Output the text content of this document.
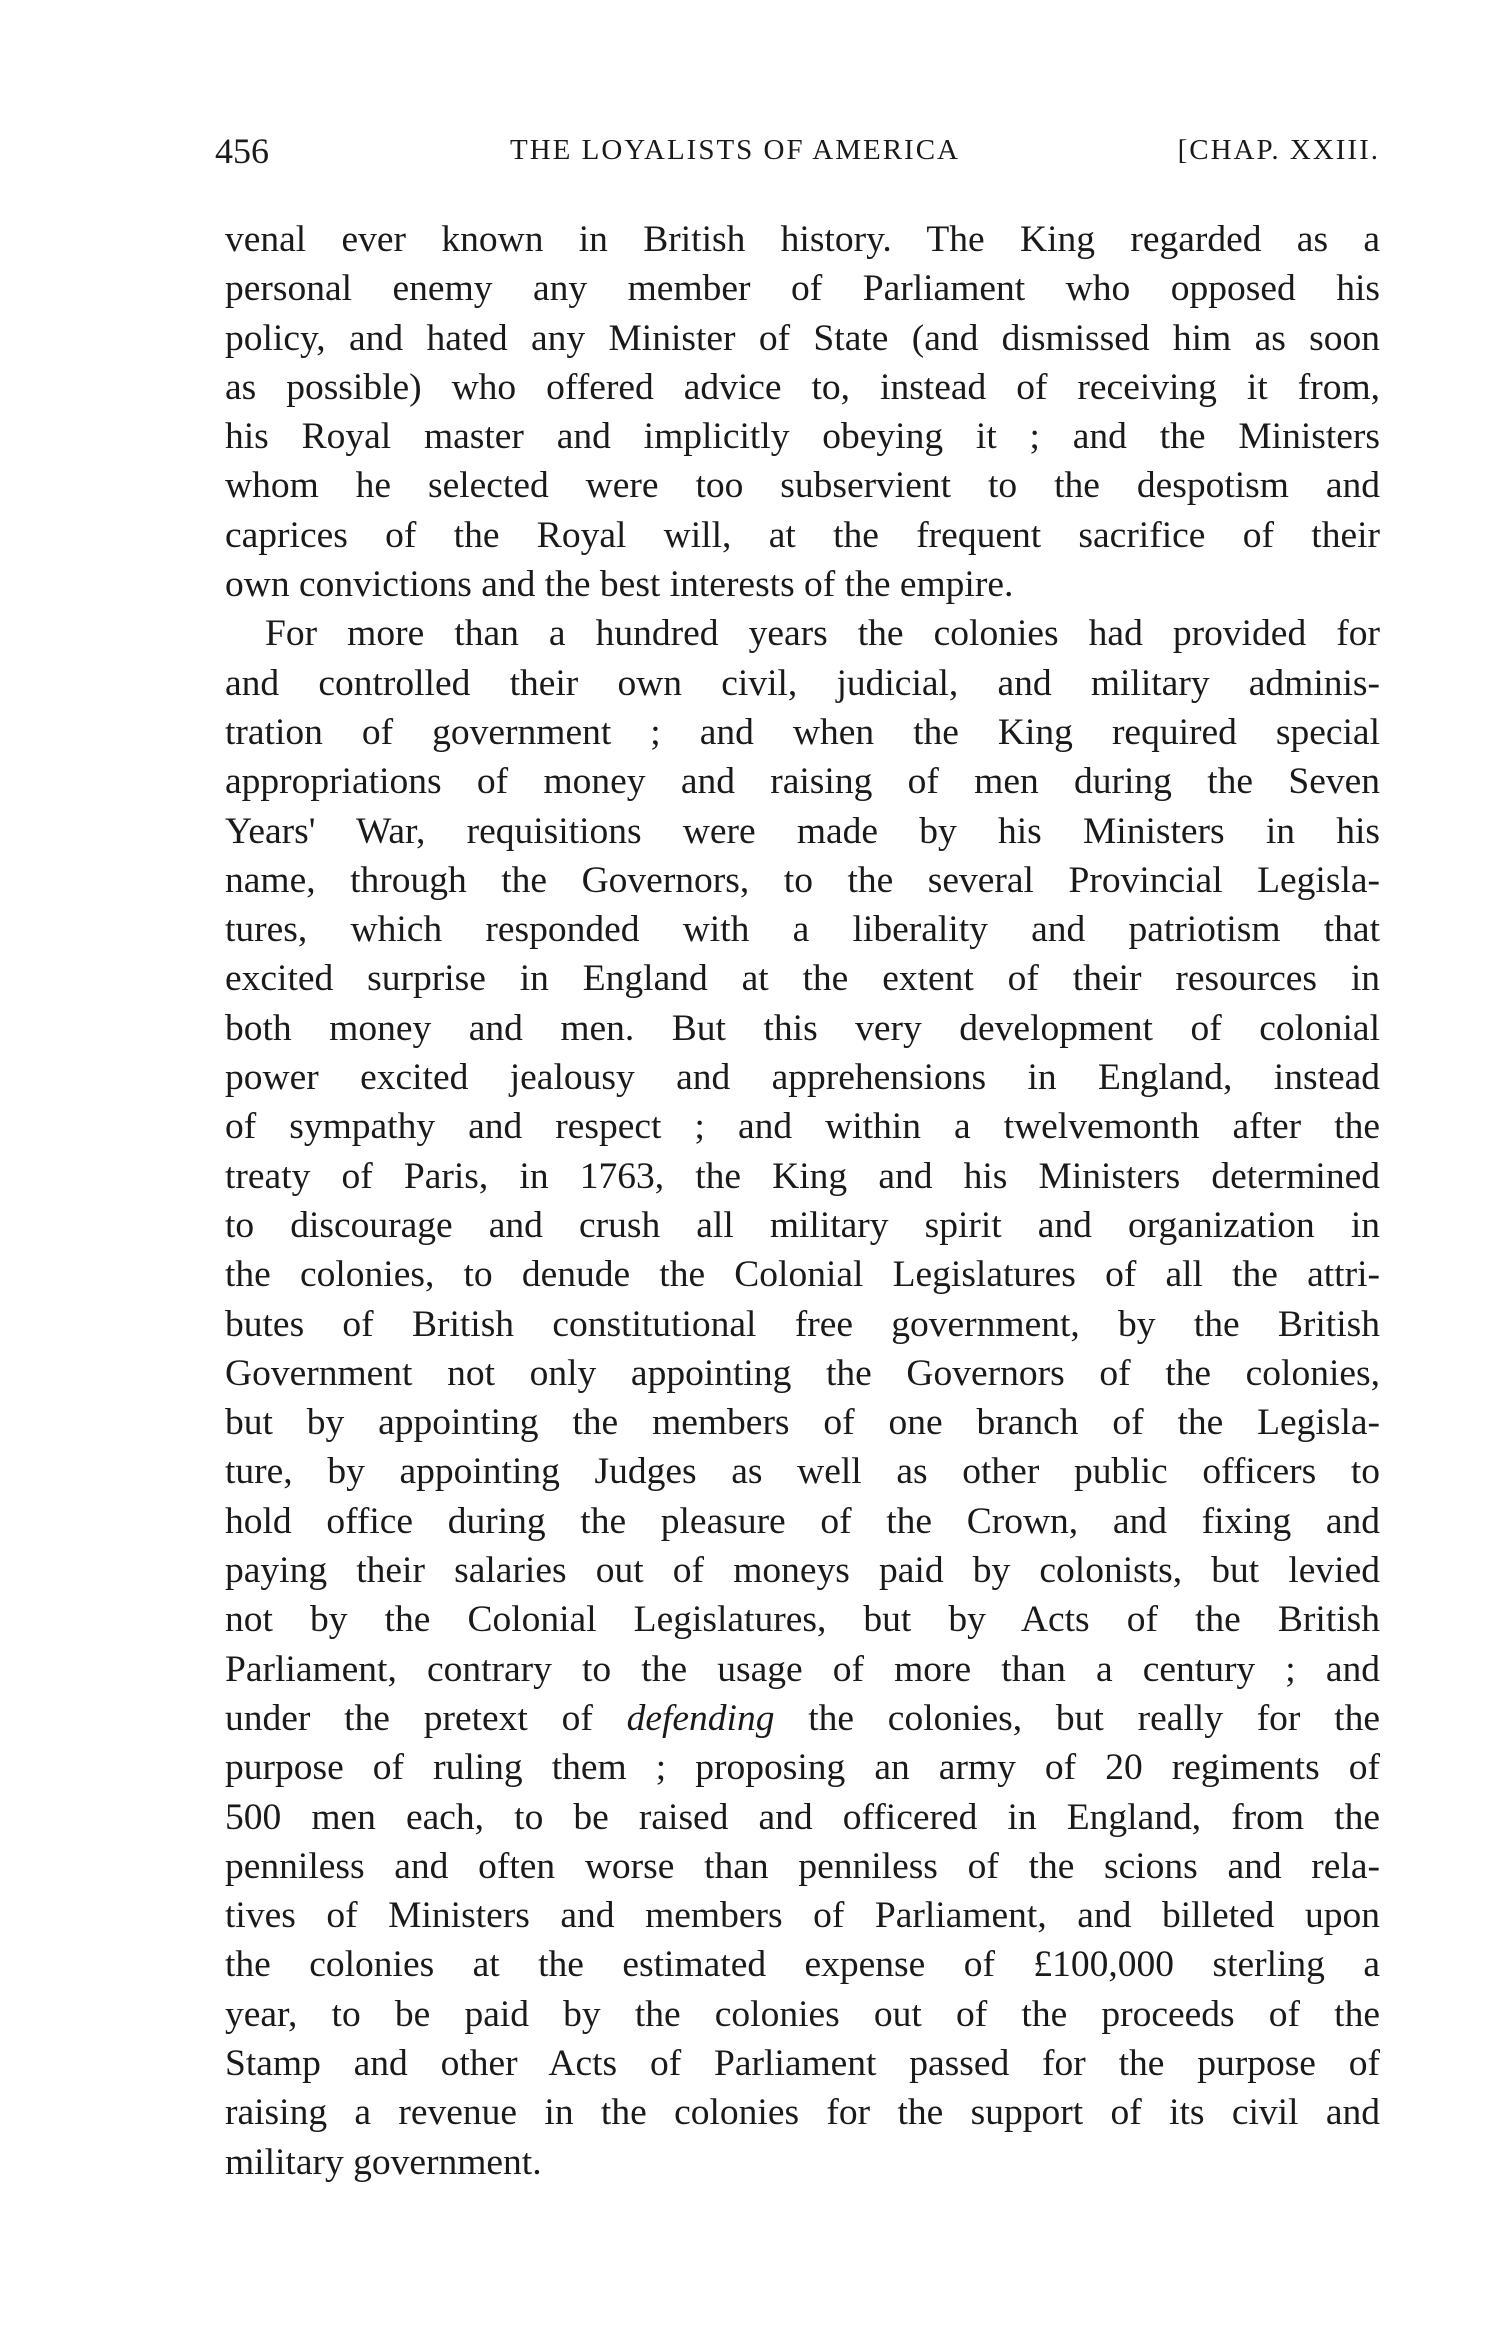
456	THE LOYALISTS OF AMERICA	[CHAP. XXIII.
venal ever known in British history. The King regarded as a
personal enemy any member of Parliament who opposed his
policy, and hated any Minister of State (and dismissed him as soon
as possible) who offered advice to, instead of receiving it from,
his Royal master and implicitly obeying it ; and the Ministers
whom he selected were too subservient to the despotism and
caprices of the Royal will, at the frequent sacrifice of their
own convictions and the best interests of the empire.
For more than a hundred years the colonies had provided for
and controlled their own civil, judicial, and military adminis-
tration of government ; and when the King required special
appropriations of money and raising of men during the Seven
Years' War, requisitions were made by his Ministers in his
name, through the Governors, to the several Provincial Legisla-
tures, which responded with a liberality and patriotism that
excited surprise in England at the extent of their resources in
both money and men. But this very development of colonial
power excited jealousy and apprehensions in England, instead
of sympathy and respect ; and within a twelvemonth after the
treaty of Paris, in 1763, the King and his Ministers determined
to discourage and crush all military spirit and organization in
the colonies, to denude the Colonial Legislatures of all the attri-
butes of British constitutional free government, by the British
Government not only appointing the Governors of the colonies,
but by appointing the members of one branch of the Legisla-
ture, by appointing Judges as well as other public officers to
hold office during the pleasure of the Crown, and fixing and
paying their salaries out of moneys paid by colonists, but levied
not by the Colonial Legislatures, but by Acts of the British
Parliament, contrary to the usage of more than a century ; and
under the pretext of defending the colonies, but really for the
purpose of ruling them ; proposing an army of 20 regiments of
500 men each, to be raised and officered in England, from the
penniless and often worse than penniless of the scions and rela-
tives of Ministers and members of Parliament, and billeted upon
the colonies at the estimated expense of £100,000 sterling a
year, to be paid by the colonies out of the proceeds of the
Stamp and other Acts of Parliament passed for the purpose of
raising a revenue in the colonies for the support of its civil and
military government.
